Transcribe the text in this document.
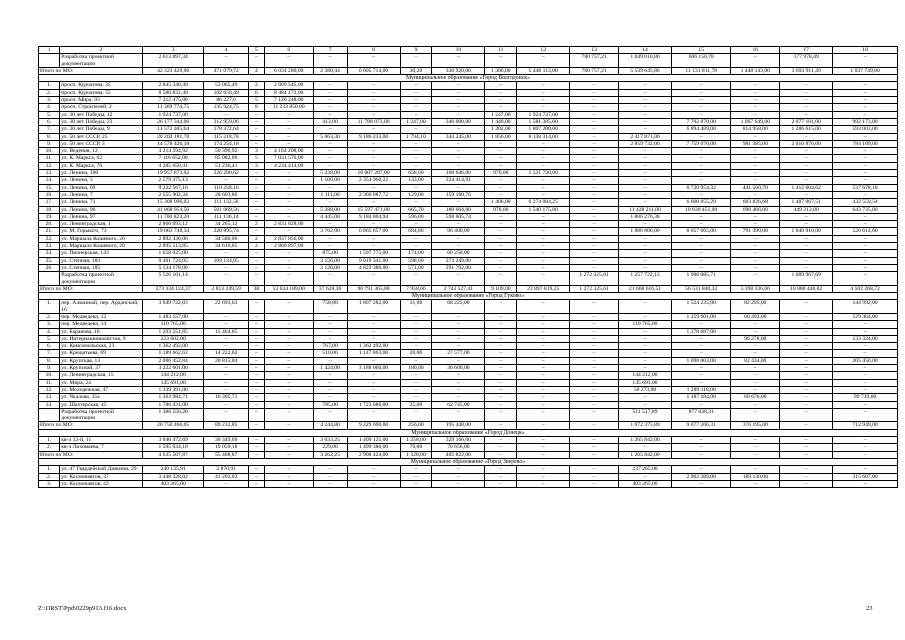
1	2	3	4	5	6	7	8	9	10	11	12	13	14	15	16	17	18
	Разработка проектной документации	2 613 897,34	–	–	–	–	–	–	–	–	–	780 757,21	1 049 010,86	606 150,78	–	177 978,49	–
Итого по МО:		42 323 420,06	471 079,72	4	6 034 280,00	2 380,44	6 605 714,00	30,20	330 920,00	1 306,00	5 448 113,00	780 757,21	5 539 645,86	11 131 811,78	1 448 143,00	3 693 911,49	1 037 749,00
Муниципальное образование «Город Волгодонск»																	
1.	просп. Курчатова, 35	2 845 340,49	53 065,49	2	2 809 545,00	–	–	–	–	–	–	–	–	–	–	–	–
2.	просп. Курчатова, 55	8 586 831,49	102 658,49	6	8 484 173,00	–	–	–	–	–	–	–	–	–	–	–	–
3.	просп. Мира, 93	7 212 475,00	86 227,6	5	7 126 248,00	–	–	–	–	–	–	–	–	–	–	–	–
4.	просп. Строителей, 2	11 369 774,75	135 924,75	8	11 233 850,00	–	–	–	–	–	–	–	–	–	–	–	–
5.	ул. 30 лет Победы, 12	1 924 737,00	–	–	–	–	–	–	–	1 247,00	1 924 737,00	–	–	–	–	–	–
6.	ул. 30 лет Победы, 23	26 177 344,06	312 959,06	–	–	413,00	11 788 073,00	1 247,00	346 000,00	1 440,00	1 581 385,00	–	–	7 702 070,00	1 067 649,00	2 077 101,00	992 173,00
7.	ул. 30 лет Победы, 9	11 572 305,64	178 372,64	–	–	–	–	–	–	1 202,00	1 807 200,00	–	–	6 894 489,00	814 958,00	1 286 615,00	593 003,00
8.	ул. 50 лет СССР, 25	20 202 181,78	115 318,78	–	–	5 063,30	9 186 233,00	1 794,10	344 245,00	1 856,00	8 138 314,00	–	2 417 871,00	–	–	–	–
9.	ул. 50 лет СССР, 3	14 578 426,18	174 254,18	–	–	–	–	–	–	–	–	–	2 859 732,00	7 759 070,00	981 385,00	2 016 876,00	784 109,00
10.	ул. Ведения, 12	4 214 594,92	50 396,92	3	4 164 208,00	–	–	–	–	–	–	–	–	–	–	–	–
11.	ул. К. Маркса, 62	7 116 652,00	85 082,00	5	7 031 570,00	–	–	–	–	–	–	–	–	–	–	–	–
12.	ул. К. Маркса, 70	4 285 650,41	51 236,41	3	4 234 414,00	–	–	–	–	–	–	–	–	–	–	–	–
13.	ул. Ленина, 100	19 957 873,62	226 290,62	–	–	5 238,00	18 007 207,00	658,00	108 646,00	970,00	1 531 730,00	–	–	–	–	–	–
14.	ул. Ленина, 5	2 579 375,13	–	–	–	1 100,00	2 354 960,22	133,00	224 414,91	–	–	–	–	–	–	–	–
15.	ул. Ленина, 69	9 222 567,16	110 258,16	–	–	–	–	–	–	–	–	–	–	6 720 954,32	441 560,78	1 412 604,62	537 678,18
16.	ул. Ленина, 7	2 555 902,34	28 603,86	–	–	1 111,00	2 366 087,72	129,00	159 180,76	–	–	–	–	–	–	–	–
17.	ул. Ленина, 71	15 308 096,03	111 132,56	–	–	–	–	–	–	1 406,00	6 274 084,25	–	–	6 660 055,29	603 826,68	1 487 067,51	432 559,54
18.	ул. Ленина, 96	41 868 954,56	501 069,56	–	–	5 288,00	15 597 471,00	665,70	180 664,00	978,00	1 540 175,00	–	11 428 211,00	10 830 451,00	698 466,00	449 212,00	643 735,00
19.	ул. Ленина, 97	11 700 823,20	111 136,14	–	–	4 445,00	9 184 804,94	596,00	598 605,74	–	–	–	1 806 276,38	–	–	–	–
20.	ул. Ленинградская, 1	2 866 093,12	34 265,12	2	2 831 828,00	–	–	–	–	–	–	–	–	–	–	–	–
21.	ул. М. Горького, 73	19 063 748,34	220 895,74	–	–	3 762,00	6 865 657,00	684,86	96 400,00	–	–	–	1 886 806,00	8 057 665,00	791 390,00	1 040 910,00	520 614,60
22.	ул. Маршала Кошевого, 26	2 892 436,06	34 580,06	2	2 857 856,00	–	–	–	–	–	–	–	–	–	–	–	–
23.	ул. Маршала Кошевого, 28	2 895 513,85	34 616,85	2	2 860 897,00	–	–	–	–	–	–	–	–	–	–	–	–
24.	ул. Пионерская, 143	1 658 025,00	–	–	–	875,00	1 597 775,00	174,00	60 250,00	–	–	–	–	–	–	–	–
25.	ул. Степная, 183	9 401 724,05	109 134,05	–	–	3 556,00	9 019 341,00	598,00	273 249,00	–	–	–	–	–	–	–	–
26.	ул. Степная, 185	5 134 178,00	–	–	–	3 120,00	4 822 386,00	571,00	291 792,00	–	–	–	–	–	–	–	–
	Разработка проектной документации	5 526 101,14	–	–	–	–	–	–	–	–	–	1 272 325,61	1 257 722,13	1 906 085,71	–	1 089 967,69	–
Итого по МО:		273 334 124,37	2 813 249,59	38	53 634 189,00	37 628,36	90 791 365,88	7 958,66	2 743 527,41	9 109,00	23 897 819,25	1 272 325,61	21 668 616,51	56 531 840,32	5 398 336,66	10 880 448,02	4 502 268,72
Муниципальное образование «Город Гуково»																	
1.	пер. Алмазный, пер. Арданский, 16	3 649 722,03	22 693,63	–	–	758,80	1 807 282,00	31,00	68 225,00	–	–	–	–	1 524 235,00	82 295,00	–	144 992,00
2.	пер. Медведева, 12	1 483 557,00	–	–	–	–	–	–	–	–	–	–	–	1 259 601,00	60 492,00	–	129 464,00
3.	пер. Медведева, 14	110 765,00	–	–	–	–	–	–	–	–	–	–	110 765,00	–	–	–	–
4.	ул. Баранова, 10	1 293 551,85	15 464,85	–	–	–	–	–	–	–	–	–	–	1 278 087,00	–	–	–
5.	ул. Интернационалистов, 9	223 602,00	–	–	–	–	–	–	–	–	–	–	–	–	90 278,00	–	133 324,00
6.	ул. Комсомольская, 23	1 362 492,00	–	–	–	767,00	1 362 492,00	–	–	–	–	–	–	–	–	–	–
7.	ул. Крещатьева, 69	1 189 662,62	14 222,62	–	–	510,00	1 147 863,00	20,00	27 577,00	–	–	–	–	–	–	–	–
8.	ул. Крупская, 13	2 006 452,84	20 815,84	–	–	–	–	–	–	–	–	–	–	1 698 003,00	82 434,00	–	205 450,00
9.	ул. Крупской, 37	3 222 601,00	–	–	–	1 424,00	3 188 000,00	180,00	36 600,00	–	–	–	–	–	–	–	–
10.	ул. Ленинградская, 15	144 212,00	–	–	–	–	–	–	–	–	–	–	144 212,00	–	–	–	–
11.	ул. Мира, 24	145 691,00	–	–	–	–	–	–	–	–	–	–	145 691,00	–	–	–	–
12.	ул. Молодежная, 47	1 339 391,00	–	–	–	–	–	–	–	–	–	–	50 273,00	1 289 118,00	–	–	–
13.	ул. Чкалова, 35а	1 363 984,71	16 305,71	–	–	–	–	–	–	–	–	–	–	1 187 184,00	60 676,00	–	99 719,00
14.	ул. Шахтерская, 45	1 786 431,00	–	–	–	785,00	1 723 686,00	25,00	62 745,00	–	–	–	–	–	–	–	–
	Разработка проектной документации	1 388 556,20	–	–	–	–	–	–	–	–	–	–	511 517,89	877 038,31	–	–	–
Итого по МО:		20 750 466,05	89 232,85	–	–	4 244,80	9 229 690,00	256,00	195 448,00	–	–	–	1 072 375,89	9 077 266,31	376 195,00	–	712 949,00
Муниципальное образование «Город Донецк»																	
1.	кв-л 12-й, 11	3 040 472,69	36 349,69	–	–	3 033,25	1 409 125,00	1 258,00	329 166,00	–	–	–	1 265 842,00	–	–	–	–
2.	кв-л Лихомаева, 7	1 595 034,18	19 059,18	–	–	229,00	1 499 386,00	70,00	76 656,00	–	–	–	–	–	–	–	–
Итого по МО:		4 635 507,87	55 408,87	–	–	3 262,25	2 908 424,00	1 328,00	405 822,00	–	–	–	1 265 842,00	–	–	–	–
Муниципальное образование «Город Зверево»																	
1.	ул. 47 Гвардейской Дивизии, 29	240 135,91	2 870,91	–	–	–	–	–	–	–	–	–	237 265,00	–	–	–	–
2.	ул. Космонавтов, 37	3 448 328,02	41 202,02	–	–	–	–	–	–	–	–	–	–	2 902 389,00	189 130,00	–	315 607,00
3.	ул. Космонавтов, 43	403 265,00	–	–	–	–	–	–	–	–	–	–	403 265,00	–	–	–	–
Z:\ORST\Ppd\0229p913.f16.docx	23
